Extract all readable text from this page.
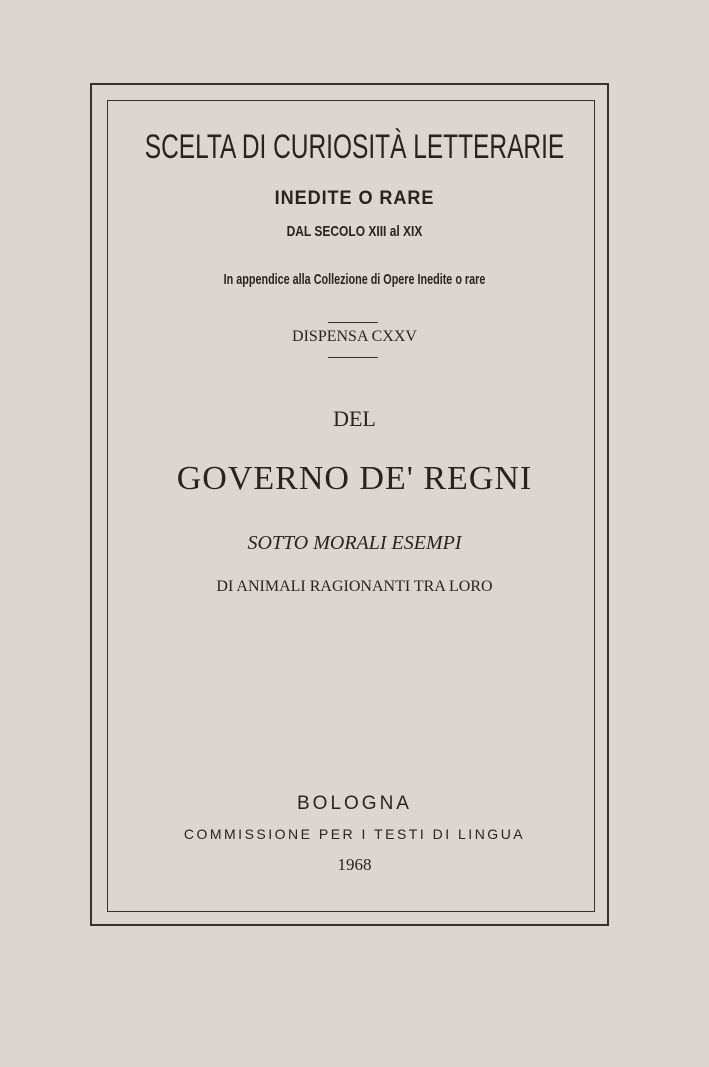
SCELTA DI CURIOSITÀ LETTERARIE
INEDITE O RARE
DAL SECOLO XIII al XIX
In appendice alla Collezione di Opere Inedite o rare
DISPENSA CXXV
DEL
GOVERNO DE' REGNI
SOTTO MORALI ESEMPI
DI ANIMALI RAGIONANTI TRA LORO
BOLOGNA
COMMISSIONE PER I TESTI DI LINGUA
1968
